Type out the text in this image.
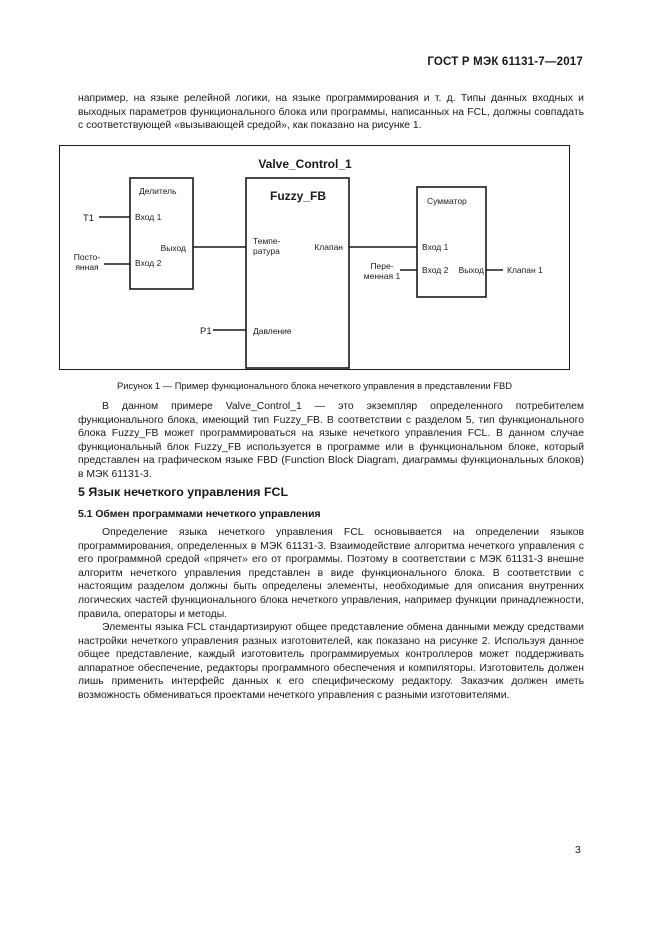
ГОСТ Р МЭК 61131-7—2017

например, на языке релейной логики, на языке программирования и т. д. Типы данных входных и выходных параметров функционального блока или программы, написанных на FCL, должны совпадать с соответствующей «вызывающей средой», как показано на рисунке 1.

Valve_Control_1
Делитель
Вход 1
Вход 2
Выход
Fuzzy_FB
Темпе-
ратура
Давление
Клапан
Сумматор
Вход 1
Вход 2 Выход
T1
Посто-
янная
P1
Пере-
менная 1
Клапан 1
Рисунок 1 — Пример функционального блока нечеткого управления в представлении FBD

В данном примере Valve_Control_1 — это экземпляр определенного потребителем функционального блока, имеющий тип Fuzzy_FB. В соответствии с разделом 5, тип функционального блока Fuzzy_FB может программироваться на языке нечеткого управления FCL. В данном случае функциональный блок Fuzzy_FB используется в программе или в функциональном блоке, который представлен на графическом языке FBD (Function Block Diagram, диаграммы функциональных блоков) в МЭК 61131-3.

5 Язык нечеткого управления FCL
5.1 Обмен программами нечеткого управления

Определение языка нечеткого управления FCL основывается на определении языков программирования, определенных в МЭК 61131-3. Взаимодействие алгоритма нечеткого управления с его программной средой «прячет» его от программы. Поэтому в соответствии с МЭК 61131-3 внешне алгоритм нечеткого управления представлен в виде функционального блока. В соответствии с настоящим разделом должны быть определены элементы, необходимые для описания внутренних логических частей функционального блока нечеткого управления, например функции принадлежности, правила, операторы и методы.

Элементы языка FCL стандартизируют общее представление обмена данными между средствами настройки нечеткого управления разных изготовителей, как показано на рисунке 2. Используя данное общее представление, каждый изготовитель программируемых контроллеров может поддерживать аппаратное обеспечение, редакторы программного обеспечения и компиляторы. Изготовитель должен лишь применить интерфейс данных к его специфическому редактору. Заказчик должен иметь возможность обмениваться проектами нечеткого управления с разными изготовителями.

3
